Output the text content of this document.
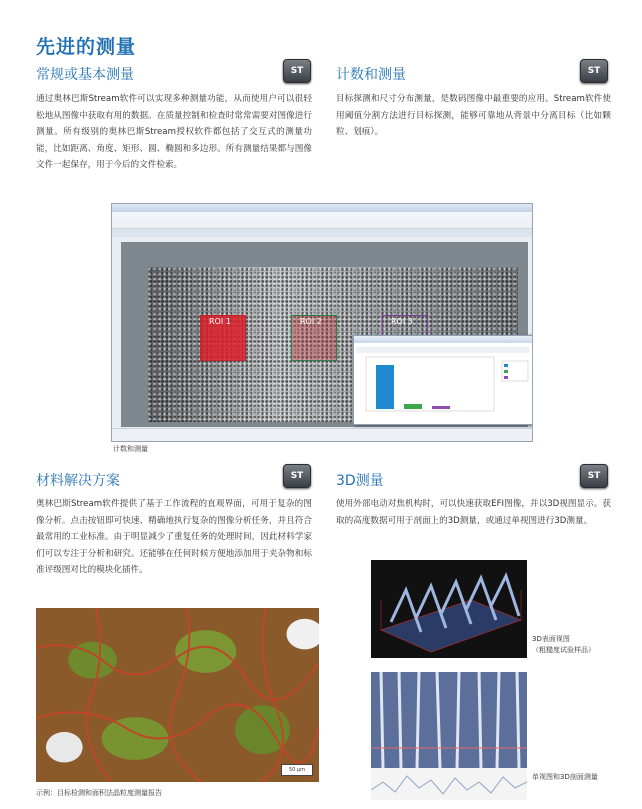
先进的测量
常规或基本测量	ST
通过奥林巴斯Stream软件可以实现多种测量功能，从而使用户可以很轻松地从图像中获取有用的数据。在质量控制和检查时常常需要对图像进行测量。所有级别的奥林巴斯Stream授权软件都包括了交互式的测量功能，比如距离、角度、矩形、圆、椭圆和多边形。所有测量结果都与图像文件一起保存，用于今后的文件检索。
计数和测量	ST
目标探测和尺寸分布测量，是数码图像中最重要的应用。Stream软件使用阈值分割方法进行目标探测，能够可靠地从背景中分离目标（比如颗粒、划痕）。
ROI 1	ROI 2	ROI 3
计数和测量
材料解决方案	ST
奥林巴斯Stream软件提供了基于工作流程的直观界面，可用于复杂的图像分析。点击按钮即可快速、精确地执行复杂的图像分析任务，并且符合最常用的工业标准。由于明显减少了重复任务的处理时间，因此材料学家们可以专注于分析和研究。还能够在任何时候方便地添加用于夹杂物和标准评级图对比的模块化插件。
50 μm
示例：目标检测和面积法晶粒度测量报告
3D测量	ST
使用外部电动对焦机构时，可以快速获取EFI图像，并以3D视图显示。获取的高度数据可用于剖面上的3D测量，或通过单视图进行3D测量。
3D表面视图
（粗糙度试验样品）
单视图和3D剖面测量
